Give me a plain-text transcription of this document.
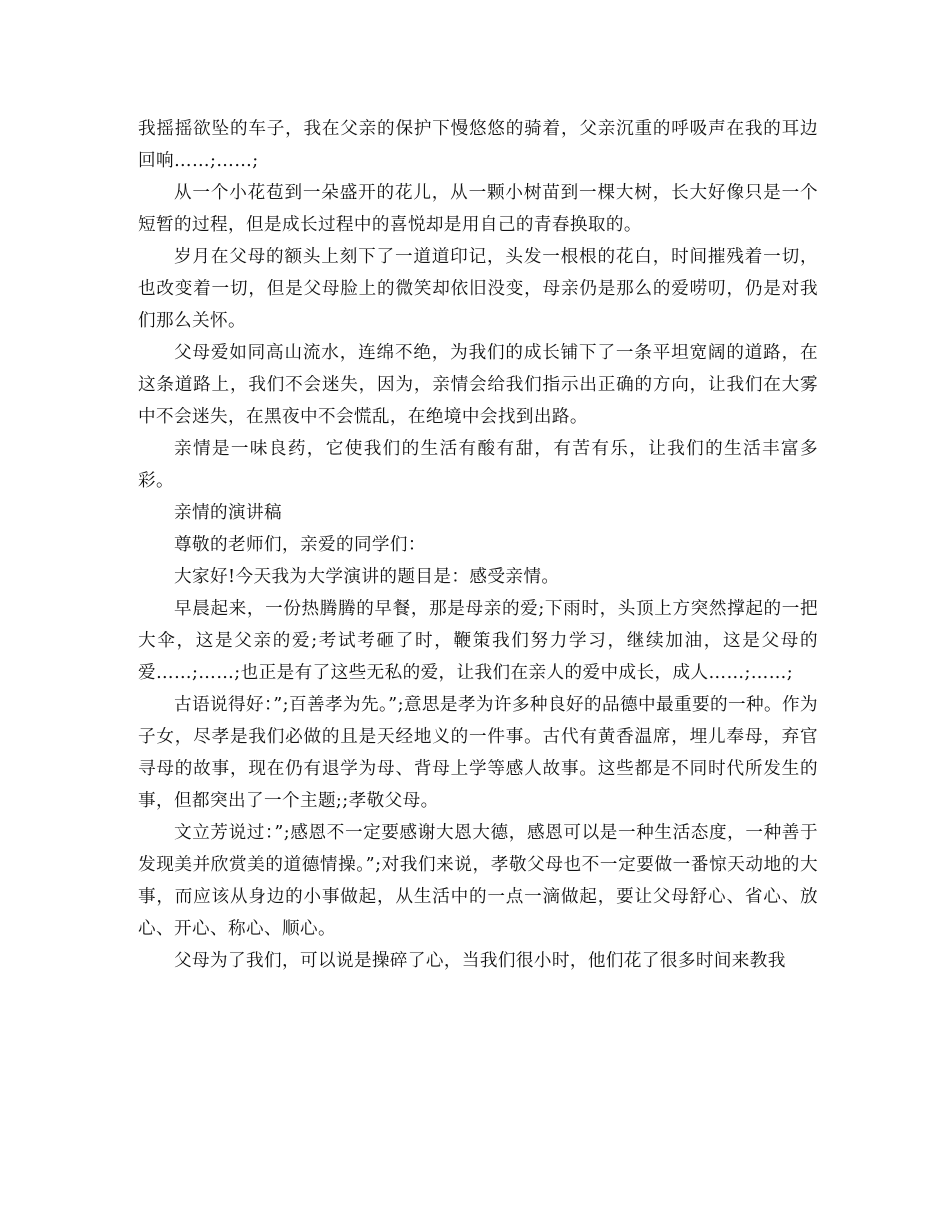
我摇摇欲坠的车子，我在父亲的保护下慢悠悠的骑着，父亲沉重的呼吸声在我的耳边回响……;……;

从一个小花苞到一朵盛开的花儿，从一颗小树苗到一棵大树，长大好像只是一个短暂的过程，但是成长过程中的喜悦却是用自己的青春换取的。

岁月在父母的额头上刻下了一道道印记，头发一根根的花白，时间摧残着一切，也改变着一切，但是父母脸上的微笑却依旧没变，母亲仍是那么的爱唠叨，仍是对我们那么关怀。

父母爱如同高山流水，连绵不绝，为我们的成长铺下了一条平坦宽阔的道路，在这条道路上，我们不会迷失，因为，亲情会给我们指示出正确的方向，让我们在大雾中不会迷失，在黑夜中不会慌乱，在绝境中会找到出路。

亲情是一味良药，它使我们的生活有酸有甜，有苦有乐，让我们的生活丰富多彩。

亲情的演讲稿

尊敬的老师们，亲爱的同学们：

大家好!今天我为大学演讲的题目是：感受亲情。

早晨起来，一份热腾腾的早餐，那是母亲的爱;下雨时，头顶上方突然撑起的一把大伞，这是父亲的爱;考试考砸了时，鞭策我们努力学习，继续加油，这是父母的爱……;……;也正是有了这些无私的爱，让我们在亲人的爱中成长，成人……;……;

古语说得好：”;百善孝为先。”;意思是孝为许多种良好的品德中最重要的一种。作为子女，尽孝是我们必做的且是天经地义的一件事。古代有黄香温席，埋儿奉母，弃官寻母的故事，现在仍有退学为母、背母上学等感人故事。这些都是不同时代所发生的事，但都突出了一个主题;;孝敬父母。

文立芳说过：”;感恩不一定要感谢大恩大德，感恩可以是一种生活态度，一种善于发现美并欣赏美的道德情操。”;对我们来说，孝敬父母也不一定要做一番惊天动地的大事，而应该从身边的小事做起，从生活中的一点一滴做起，要让父母舒心、省心、放心、开心、称心、顺心。

父母为了我们，可以说是操碎了心，当我们很小时，他们花了很多时间来教我
